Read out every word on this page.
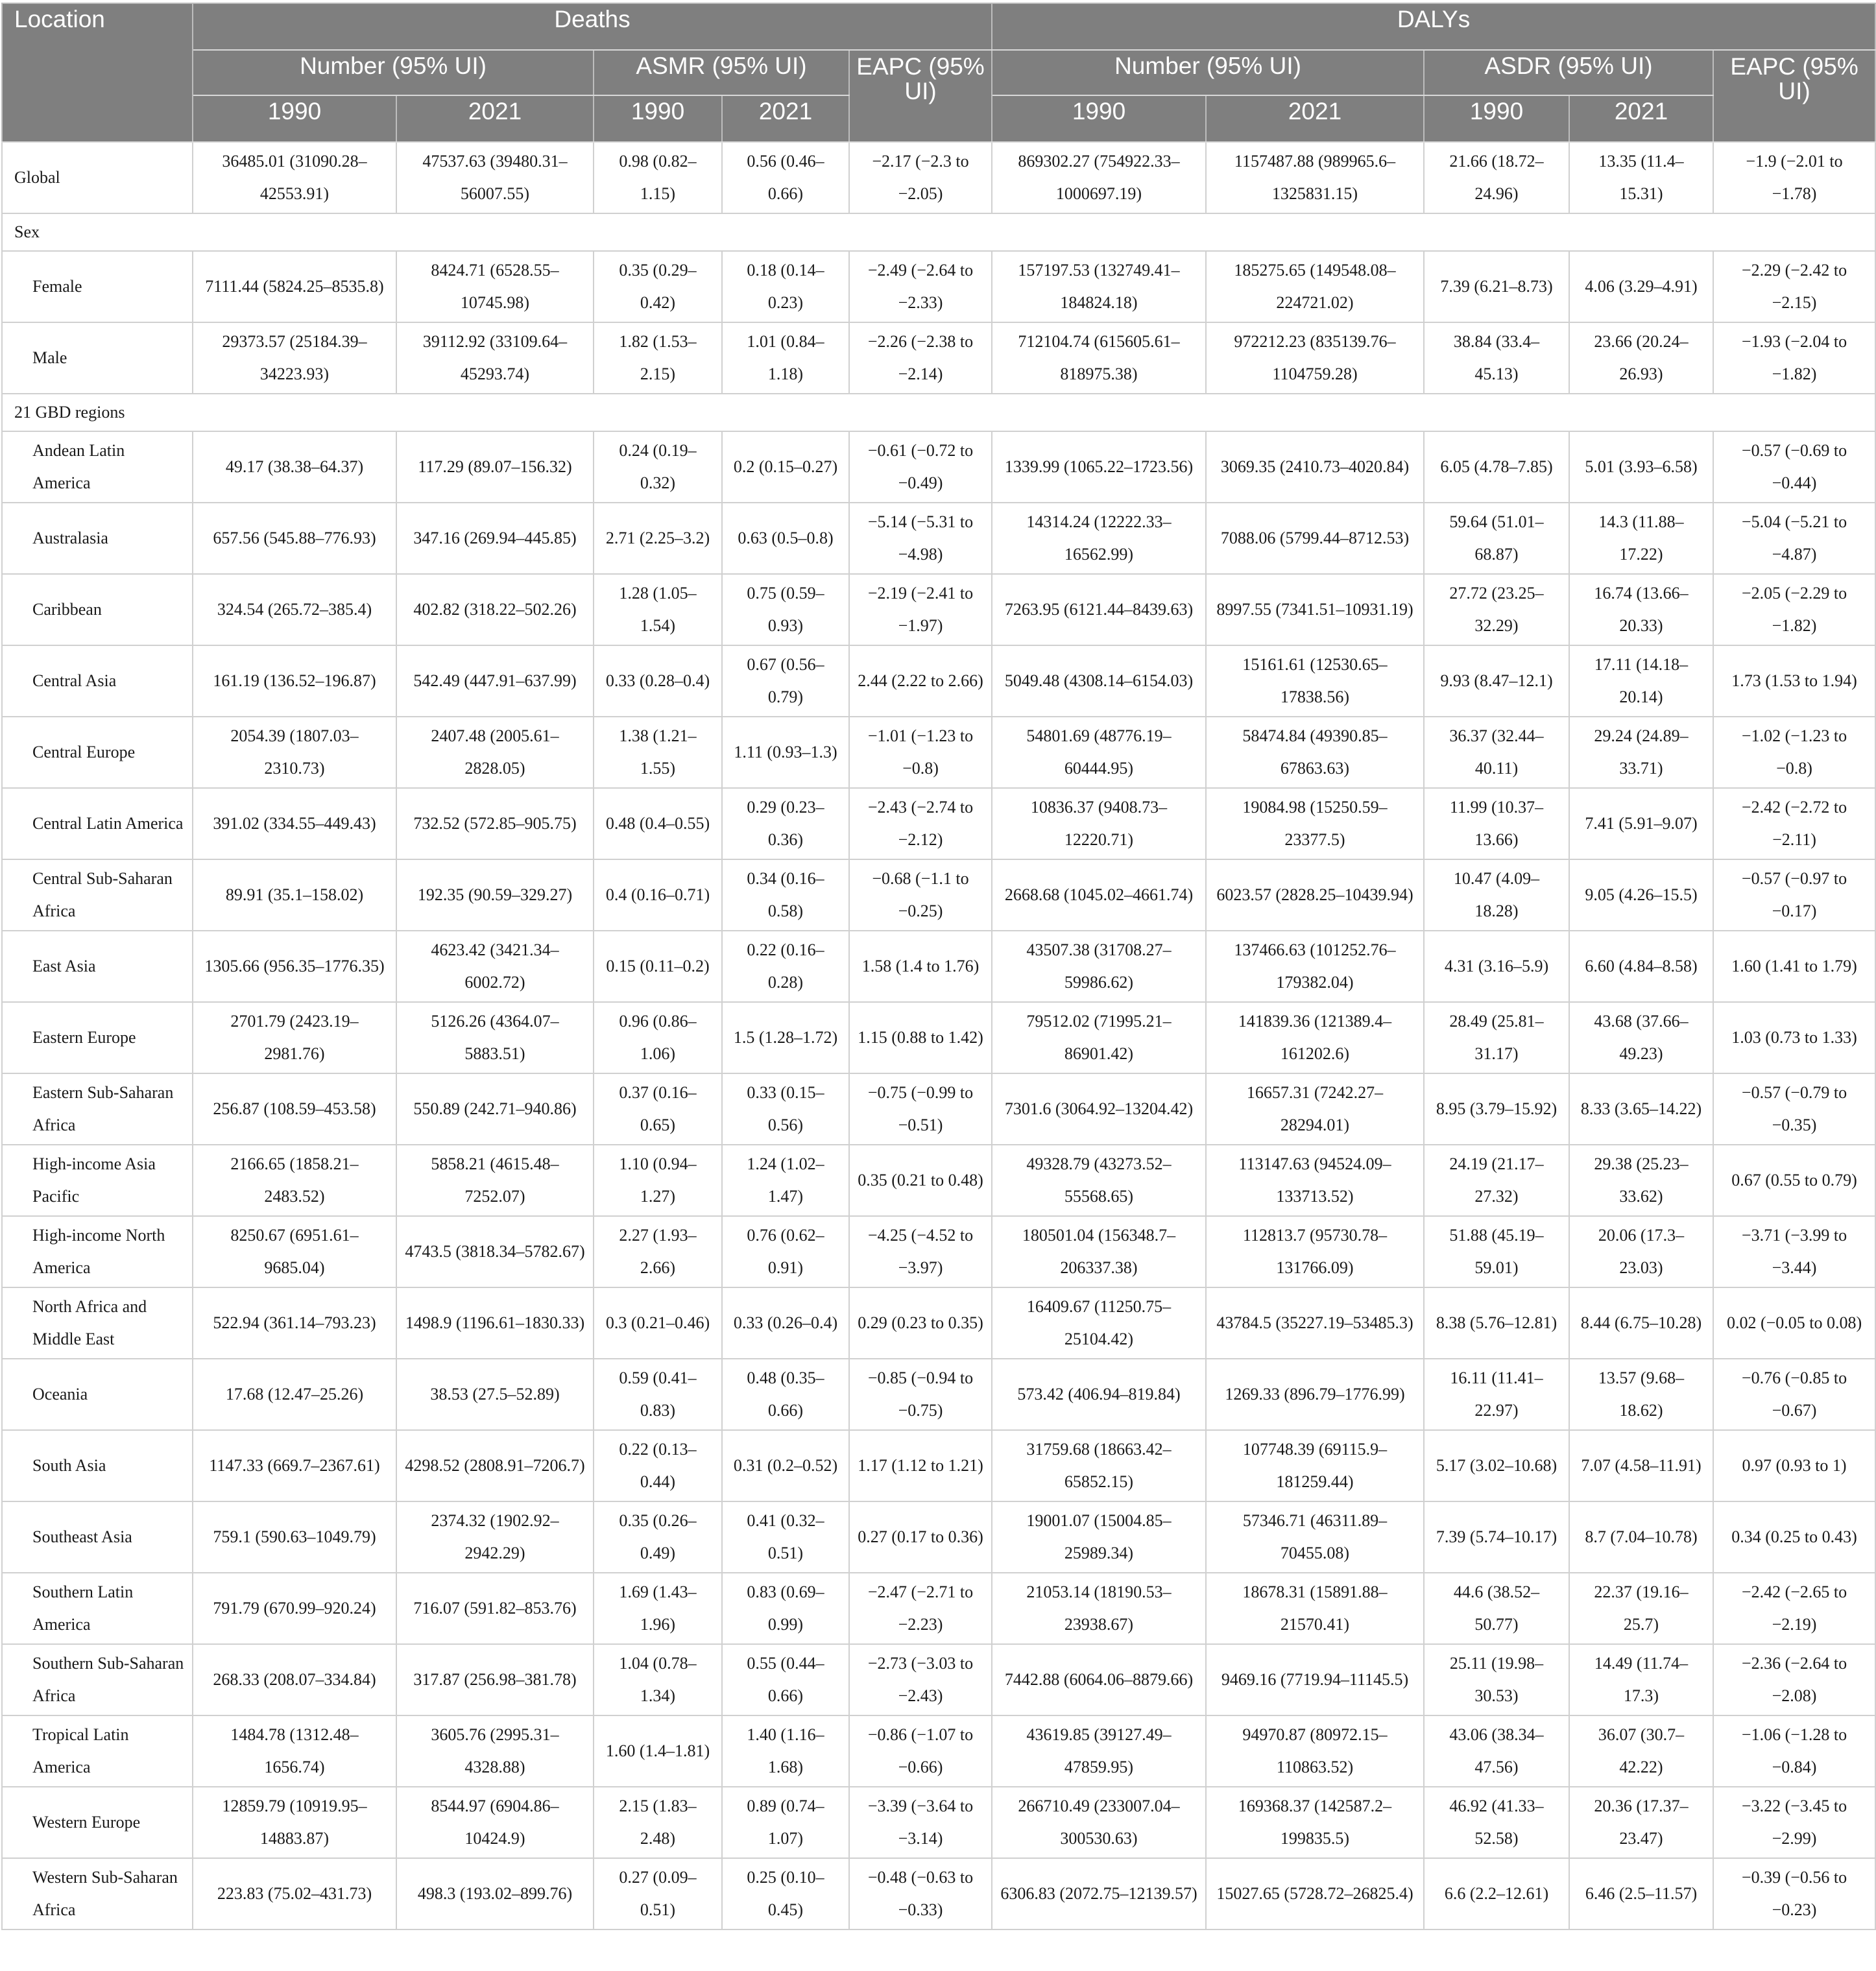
Location	Deaths					DALYs				
	Number (95% UI)		ASMR (95% UI)		EAPC (95% UI)	Number (95% UI)		ASDR (95% UI)		EAPC (95% UI)
	1990	2021	1990	2021		1990	2021	1990	2021	
Global	36485.01 (31090.28–42553.91)	47537.63 (39480.31–56007.55)	0.98 (0.82–1.15)	0.56 (0.46–0.66)	−2.17 (−2.3 to −2.05)	869302.27 (754922.33–1000697.19)	1157487.88 (989965.6–1325831.15)	21.66 (18.72–24.96)	13.35 (11.4–15.31)	−1.9 (−2.01 to −1.78)
Sex										
Female	7111.44 (5824.25–8535.8)	8424.71 (6528.55–10745.98)	0.35 (0.29–0.42)	0.18 (0.14–0.23)	−2.49 (−2.64 to −2.33)	157197.53 (132749.41–184824.18)	185275.65 (149548.08–224721.02)	7.39 (6.21–8.73)	4.06 (3.29–4.91)	−2.29 (−2.42 to −2.15)
Male	29373.57 (25184.39–34223.93)	39112.92 (33109.64–45293.74)	1.82 (1.53–2.15)	1.01 (0.84–1.18)	−2.26 (−2.38 to −2.14)	712104.74 (615605.61–818975.38)	972212.23 (835139.76–1104759.28)	38.84 (33.4–45.13)	23.66 (20.24–26.93)	−1.93 (−2.04 to −1.82)
21 GBD regions										
Andean Latin America	49.17 (38.38–64.37)	117.29 (89.07–156.32)	0.24 (0.19–0.32)	0.2 (0.15–0.27)	−0.61 (−0.72 to −0.49)	1339.99 (1065.22–1723.56)	3069.35 (2410.73–4020.84)	6.05 (4.78–7.85)	5.01 (3.93–6.58)	−0.57 (−0.69 to −0.44)
Australasia	657.56 (545.88–776.93)	347.16 (269.94–445.85)	2.71 (2.25–3.2)	0.63 (0.5–0.8)	−5.14 (−5.31 to −4.98)	14314.24 (12222.33–16562.99)	7088.06 (5799.44–8712.53)	59.64 (51.01–68.87)	14.3 (11.88–17.22)	−5.04 (−5.21 to −4.87)
Caribbean	324.54 (265.72–385.4)	402.82 (318.22–502.26)	1.28 (1.05–1.54)	0.75 (0.59–0.93)	−2.19 (−2.41 to −1.97)	7263.95 (6121.44–8439.63)	8997.55 (7341.51–10931.19)	27.72 (23.25–32.29)	16.74 (13.66–20.33)	−2.05 (−2.29 to −1.82)
Central Asia	161.19 (136.52–196.87)	542.49 (447.91–637.99)	0.33 (0.28–0.4)	0.67 (0.56–0.79)	2.44 (2.22 to 2.66)	5049.48 (4308.14–6154.03)	15161.61 (12530.65–17838.56)	9.93 (8.47–12.1)	17.11 (14.18–20.14)	1.73 (1.53 to 1.94)
Central Europe	2054.39 (1807.03–2310.73)	2407.48 (2005.61–2828.05)	1.38 (1.21–1.55)	1.11 (0.93–1.3)	−1.01 (−1.23 to −0.8)	54801.69 (48776.19–60444.95)	58474.84 (49390.85–67863.63)	36.37 (32.44–40.11)	29.24 (24.89–33.71)	−1.02 (−1.23 to −0.8)
Central Latin America	391.02 (334.55–449.43)	732.52 (572.85–905.75)	0.48 (0.4–0.55)	0.29 (0.23–0.36)	−2.43 (−2.74 to −2.12)	10836.37 (9408.73–12220.71)	19084.98 (15250.59–23377.5)	11.99 (10.37–13.66)	7.41 (5.91–9.07)	−2.42 (−2.72 to −2.11)
Central Sub-Saharan Africa	89.91 (35.1–158.02)	192.35 (90.59–329.27)	0.4 (0.16–0.71)	0.34 (0.16–0.58)	−0.68 (−1.1 to −0.25)	2668.68 (1045.02–4661.74)	6023.57 (2828.25–10439.94)	10.47 (4.09–18.28)	9.05 (4.26–15.5)	−0.57 (−0.97 to −0.17)
East Asia	1305.66 (956.35–1776.35)	4623.42 (3421.34–6002.72)	0.15 (0.11–0.2)	0.22 (0.16–0.28)	1.58 (1.4 to 1.76)	43507.38 (31708.27–59986.62)	137466.63 (101252.76–179382.04)	4.31 (3.16–5.9)	6.60 (4.84–8.58)	1.60 (1.41 to 1.79)
Eastern Europe	2701.79 (2423.19–2981.76)	5126.26 (4364.07–5883.51)	0.96 (0.86–1.06)	1.5 (1.28–1.72)	1.15 (0.88 to 1.42)	79512.02 (71995.21–86901.42)	141839.36 (121389.4–161202.6)	28.49 (25.81–31.17)	43.68 (37.66–49.23)	1.03 (0.73 to 1.33)
Eastern Sub-Saharan Africa	256.87 (108.59–453.58)	550.89 (242.71–940.86)	0.37 (0.16–0.65)	0.33 (0.15–0.56)	−0.75 (−0.99 to −0.51)	7301.6 (3064.92–13204.42)	16657.31 (7242.27–28294.01)	8.95 (3.79–15.92)	8.33 (3.65–14.22)	−0.57 (−0.79 to −0.35)
High-income Asia Pacific	2166.65 (1858.21–2483.52)	5858.21 (4615.48–7252.07)	1.10 (0.94–1.27)	1.24 (1.02–1.47)	0.35 (0.21 to 0.48)	49328.79 (43273.52–55568.65)	113147.63 (94524.09–133713.52)	24.19 (21.17–27.32)	29.38 (25.23–33.62)	0.67 (0.55 to 0.79)
High-income North America	8250.67 (6951.61–9685.04)	4743.5 (3818.34–5782.67)	2.27 (1.93–2.66)	0.76 (0.62–0.91)	−4.25 (−4.52 to −3.97)	180501.04 (156348.7–206337.38)	112813.7 (95730.78–131766.09)	51.88 (45.19–59.01)	20.06 (17.3–23.03)	−3.71 (−3.99 to −3.44)
North Africa and Middle East	522.94 (361.14–793.23)	1498.9 (1196.61–1830.33)	0.3 (0.21–0.46)	0.33 (0.26–0.4)	0.29 (0.23 to 0.35)	16409.67 (11250.75–25104.42)	43784.5 (35227.19–53485.3)	8.38 (5.76–12.81)	8.44 (6.75–10.28)	0.02 (−0.05 to 0.08)
Oceania	17.68 (12.47–25.26)	38.53 (27.5–52.89)	0.59 (0.41–0.83)	0.48 (0.35–0.66)	−0.85 (−0.94 to −0.75)	573.42 (406.94–819.84)	1269.33 (896.79–1776.99)	16.11 (11.41–22.97)	13.57 (9.68–18.62)	−0.76 (−0.85 to −0.67)
South Asia	1147.33 (669.7–2367.61)	4298.52 (2808.91–7206.7)	0.22 (0.13–0.44)	0.31 (0.2–0.52)	1.17 (1.12 to 1.21)	31759.68 (18663.42–65852.15)	107748.39 (69115.9–181259.44)	5.17 (3.02–10.68)	7.07 (4.58–11.91)	0.97 (0.93 to 1)
Southeast Asia	759.1 (590.63–1049.79)	2374.32 (1902.92–2942.29)	0.35 (0.26–0.49)	0.41 (0.32–0.51)	0.27 (0.17 to 0.36)	19001.07 (15004.85–25989.34)	57346.71 (46311.89–70455.08)	7.39 (5.74–10.17)	8.7 (7.04–10.78)	0.34 (0.25 to 0.43)
Southern Latin America	791.79 (670.99–920.24)	716.07 (591.82–853.76)	1.69 (1.43–1.96)	0.83 (0.69–0.99)	−2.47 (−2.71 to −2.23)	21053.14 (18190.53–23938.67)	18678.31 (15891.88–21570.41)	44.6 (38.52–50.77)	22.37 (19.16–25.7)	−2.42 (−2.65 to −2.19)
Southern Sub-Saharan Africa	268.33 (208.07–334.84)	317.87 (256.98–381.78)	1.04 (0.78–1.34)	0.55 (0.44–0.66)	−2.73 (−3.03 to −2.43)	7442.88 (6064.06–8879.66)	9469.16 (7719.94–11145.5)	25.11 (19.98–30.53)	14.49 (11.74–17.3)	−2.36 (−2.64 to −2.08)
Tropical Latin America	1484.78 (1312.48–1656.74)	3605.76 (2995.31–4328.88)	1.60 (1.4–1.81)	1.40 (1.16–1.68)	−0.86 (−1.07 to −0.66)	43619.85 (39127.49–47859.95)	94970.87 (80972.15–110863.52)	43.06 (38.34–47.56)	36.07 (30.7–42.22)	−1.06 (−1.28 to −0.84)
Western Europe	12859.79 (10919.95–14883.87)	8544.97 (6904.86–10424.9)	2.15 (1.83–2.48)	0.89 (0.74–1.07)	−3.39 (−3.64 to −3.14)	266710.49 (233007.04–300530.63)	169368.37 (142587.2–199835.5)	46.92 (41.33–52.58)	20.36 (17.37–23.47)	−3.22 (−3.45 to −2.99)
Western Sub-Saharan Africa	223.83 (75.02–431.73)	498.3 (193.02–899.76)	0.27 (0.09–0.51)	0.25 (0.10–0.45)	−0.48 (−0.63 to −0.33)	6306.83 (2072.75–12139.57)	15027.65 (5728.72–26825.4)	6.6 (2.2–12.61)	6.46 (2.5–11.57)	−0.39 (−0.56 to −0.23)
